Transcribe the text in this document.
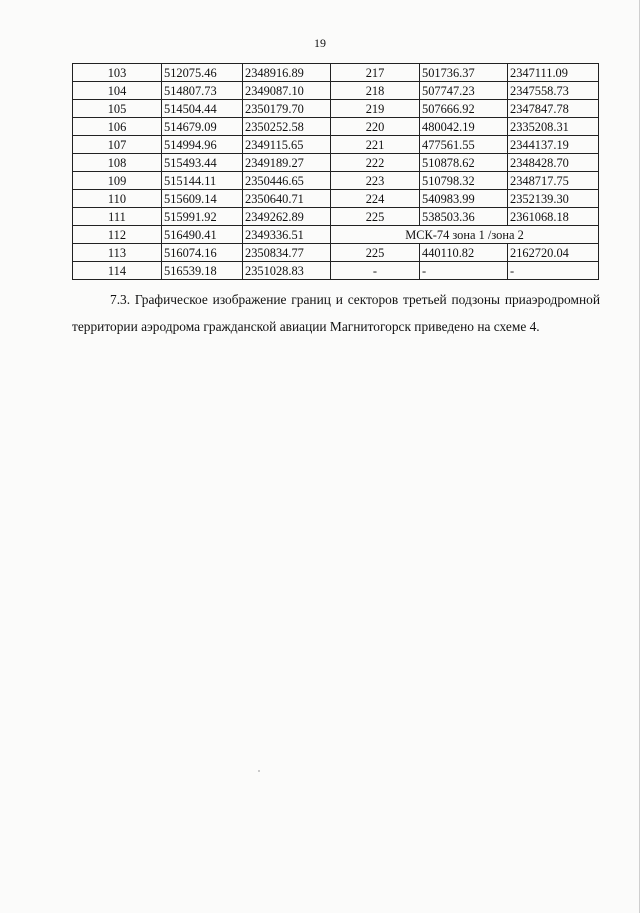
19
103	512075.46	2348916.89	217	501736.37	2347111.09
104	514807.73	2349087.10	218	507747.23	2347558.73
105	514504.44	2350179.70	219	507666.92	2347847.78
106	514679.09	2350252.58	220	480042.19	2335208.31
107	514994.96	2349115.65	221	477561.55	2344137.19
108	515493.44	2349189.27	222	510878.62	2348428.70
109	515144.11	2350446.65	223	510798.32	2348717.75
110	515609.14	2350640.71	224	540983.99	2352139.30
111	515991.92	2349262.89	225	538503.36	2361068.18
112	516490.41	2349336.51	МСК-74 зона 1 /зона 2		
113	516074.16	2350834.77	225	440110.82	2162720.04
114	516539.18	2351028.83	-	-	-
7.3. Графическое изображение границ и секторов третьей подзоны приаэродромной территории аэродрома гражданской авиации Магнитогорск приведено на схеме 4.
